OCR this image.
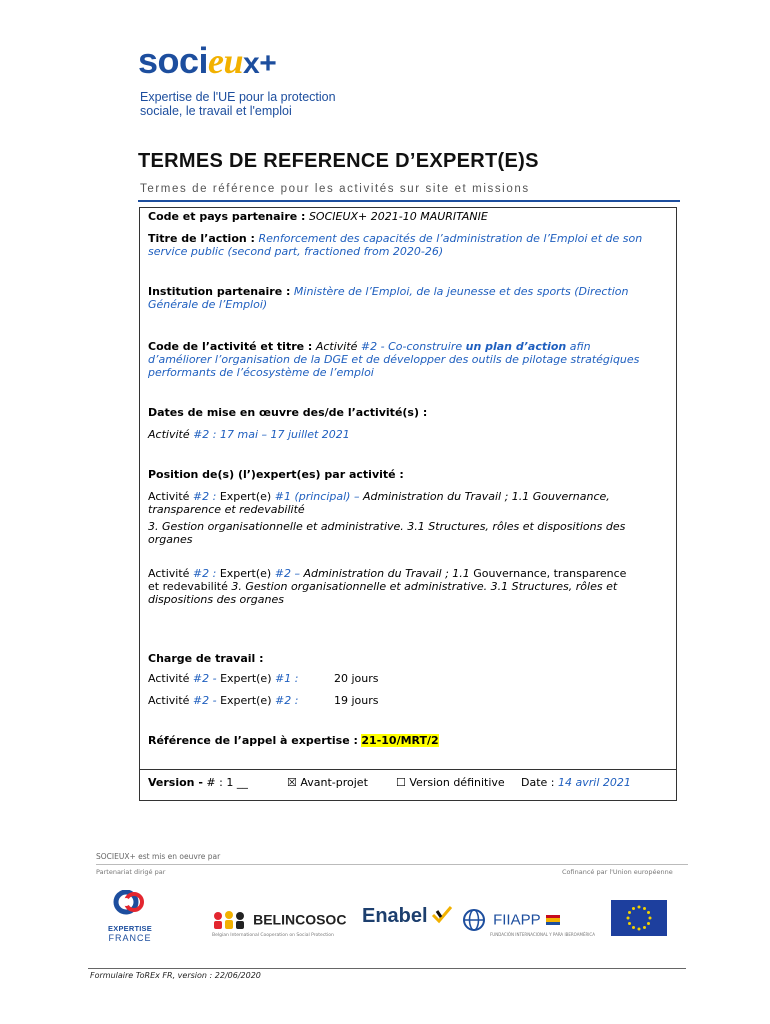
socieux+
Expertise de l'UE pour la protection
sociale, le travail et l'emploi
TERMES DE REFERENCE D’EXPERT(E)S
Termes de référence pour les activités sur site et missions
Code et pays partenaire : SOCIEUX+ 2021-10 MAURITANIE
Titre de l’action : Renforcement des capacités de l’administration de l’Emploi et de son
service public (second part, fractioned from 2020-26)
Institution partenaire : Ministère de l’Emploi, de la jeunesse et des sports (Direction
Générale de l’Emploi)
Code de l’activité et titre : Activité #2 - Co-construire un plan d’action afin
d’améliorer l’organisation de la DGE et de développer des outils de pilotage stratégiques
performants de l’écosystème de l’emploi
Dates de mise en œuvre des/de l’activité(s) :
Activité #2 : 17 mai – 17 juillet 2021
Position de(s) (l’)expert(es) par activité :
Activité #2 : Expert(e) #1 (principal) – Administration du Travail ; 1.1 Gouvernance,
transparence et redevabilité
3. Gestion organisationnelle et administrative. 3.1 Structures, rôles et dispositions des
organes
Activité #2 : Expert(e) #2 – Administration du Travail ; 1.1 Gouvernance, transparence
et redevabilité 3. Gestion organisationnelle et administrative. 3.1 Structures, rôles et
dispositions des organes
Charge de travail :
Activité #2 - Expert(e) #1 :	20 jours
Activité #2 - Expert(e) #2 :	19 jours
Référence de l’appel à expertise : 21-10/MRT/2
Version - # : 1 __	☒ Avant-projet	☐ Version définitive Date : 14 avril 2021
SOCIEUX+ est mis en oeuvre par
Partenariat dirigé par	Cofinancé par l'Union européenne
EXPERTISE
FRANCE
BELINCOSOC
Belgian International Cooperation on Social Protection
Enabel	FIIAPP
FUNDACIÓN INTERNACIONAL Y PARA IBEROAMÉRICA
Formulaire ToREx FR, version : 22/06/2020
